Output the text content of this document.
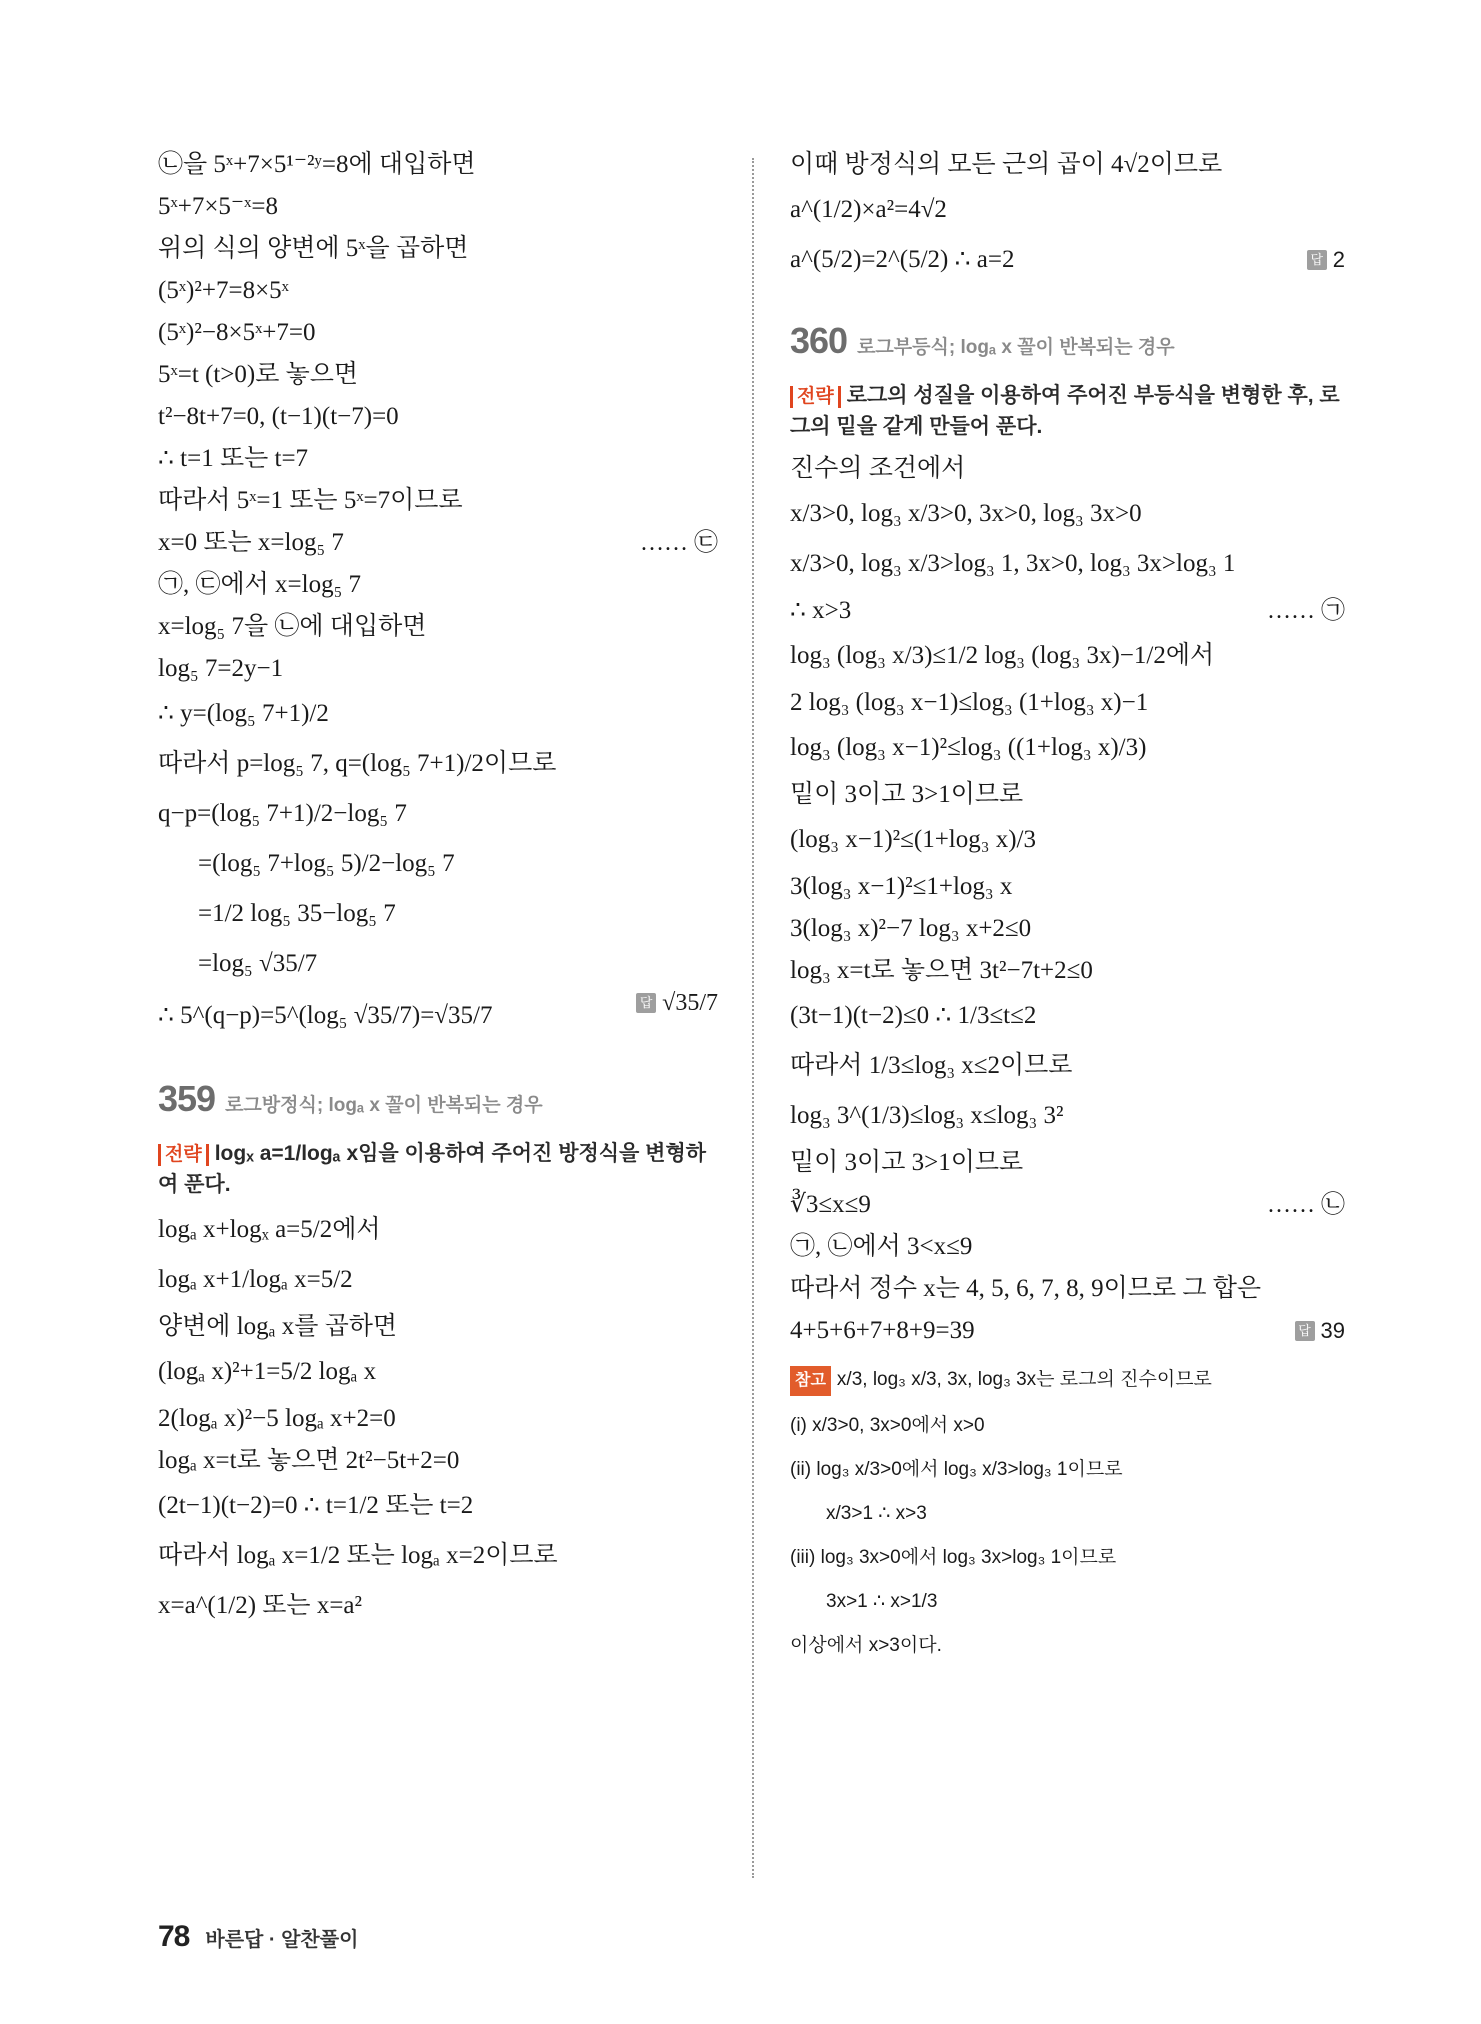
㉡을 5ˣ+7×5¹⁻²ʸ=8에 대입하면
5ˣ+7×5⁻ˣ=8
위의 식의 양변에 5ˣ을 곱하면
(5ˣ)²+7=8×5ˣ
(5ˣ)²−8×5ˣ+7=0
5ˣ=t (t>0)로 놓으면
t²−8t+7=0, (t−1)(t−7)=0
∴ t=1 또는 t=7
따라서 5ˣ=1 또는 5ˣ=7이므로
x=0 또는 x=log₅ 7	…… ㉢
㉠, ㉢에서 x=log₅ 7
x=log₅ 7을 ㉡에 대입하면
log₅ 7=2y−1
∴ y=(log₅ 7+1)/2
따라서 p=log₅ 7, q=(log₅ 7+1)/2이므로
q−p=(log₅ 7+1)/2−log₅ 7
=(log₅ 7+log₅ 5)/2−log₅ 7
=1/2 log₅ 35−log₅ 7
=log₅ √35/7
∴ 5^(q−p)=5^(log₅ √35/7)=√35/7	답 √35/7
359 로그방정식; logₐ x 꼴이 반복되는 경우
전략 logₓ a=1/logₐ x임을 이용하여 주어진 방정식을 변형하여 푼다.
logₐ x+logₓ a=5/2에서
logₐ x+1/logₐ x=5/2
양변에 logₐ x를 곱하면
(logₐ x)²+1=5/2 logₐ x
2(logₐ x)²−5 logₐ x+2=0
logₐ x=t로 놓으면 2t²−5t+2=0
(2t−1)(t−2)=0 ∴ t=1/2 또는 t=2
따라서 logₐ x=1/2 또는 logₐ x=2이므로
x=a^(1/2) 또는 x=a²
이때 방정식의 모든 근의 곱이 4√2이므로
a^(1/2)×a²=4√2
a^(5/2)=2^(5/2) ∴ a=2	답 2
360 로그부등식; logₐ x 꼴이 반복되는 경우
전략 로그의 성질을 이용하여 주어진 부등식을 변형한 후, 로그의 밑을 같게 만들어 푼다.
진수의 조건에서
x/3>0, log₃ x/3>0, 3x>0, log₃ 3x>0
x/3>0, log₃ x/3>log₃ 1, 3x>0, log₃ 3x>log₃ 1
∴ x>3	…… ㉠
log₃ (log₃ x/3)≤1/2 log₃ (log₃ 3x)−1/2에서
2 log₃ (log₃ x−1)≤log₃ (1+log₃ x)−1
log₃ (log₃ x−1)²≤log₃ ((1+log₃ x)/3)
밑이 3이고 3>1이므로
(log₃ x−1)²≤(1+log₃ x)/3
3(log₃ x−1)²≤1+log₃ x
3(log₃ x)²−7 log₃ x+2≤0
log₃ x=t로 놓으면 3t²−7t+2≤0
(3t−1)(t−2)≤0 ∴ 1/3≤t≤2
따라서 1/3≤log₃ x≤2이므로
log₃ 3^(1/3)≤log₃ x≤log₃ 3²
밑이 3이고 3>1이므로
∛3≤x≤9	…… ㉡
㉠, ㉡에서 3<x≤9
따라서 정수 x는 4, 5, 6, 7, 8, 9이므로 그 합은
4+5+6+7+8+9=39	답 39
참고 x/3, log₃ x/3, 3x, log₃ 3x는 로그의 진수이므로
(i) x/3>0, 3x>0에서 x>0
(ii) log₃ x/3>0에서 log₃ x/3>log₃ 1이므로
x/3>1 ∴ x>3
(iii) log₃ 3x>0에서 log₃ 3x>log₃ 1이므로
3x>1 ∴ x>1/3
이상에서 x>3이다.
78 바른답 · 알찬풀이
